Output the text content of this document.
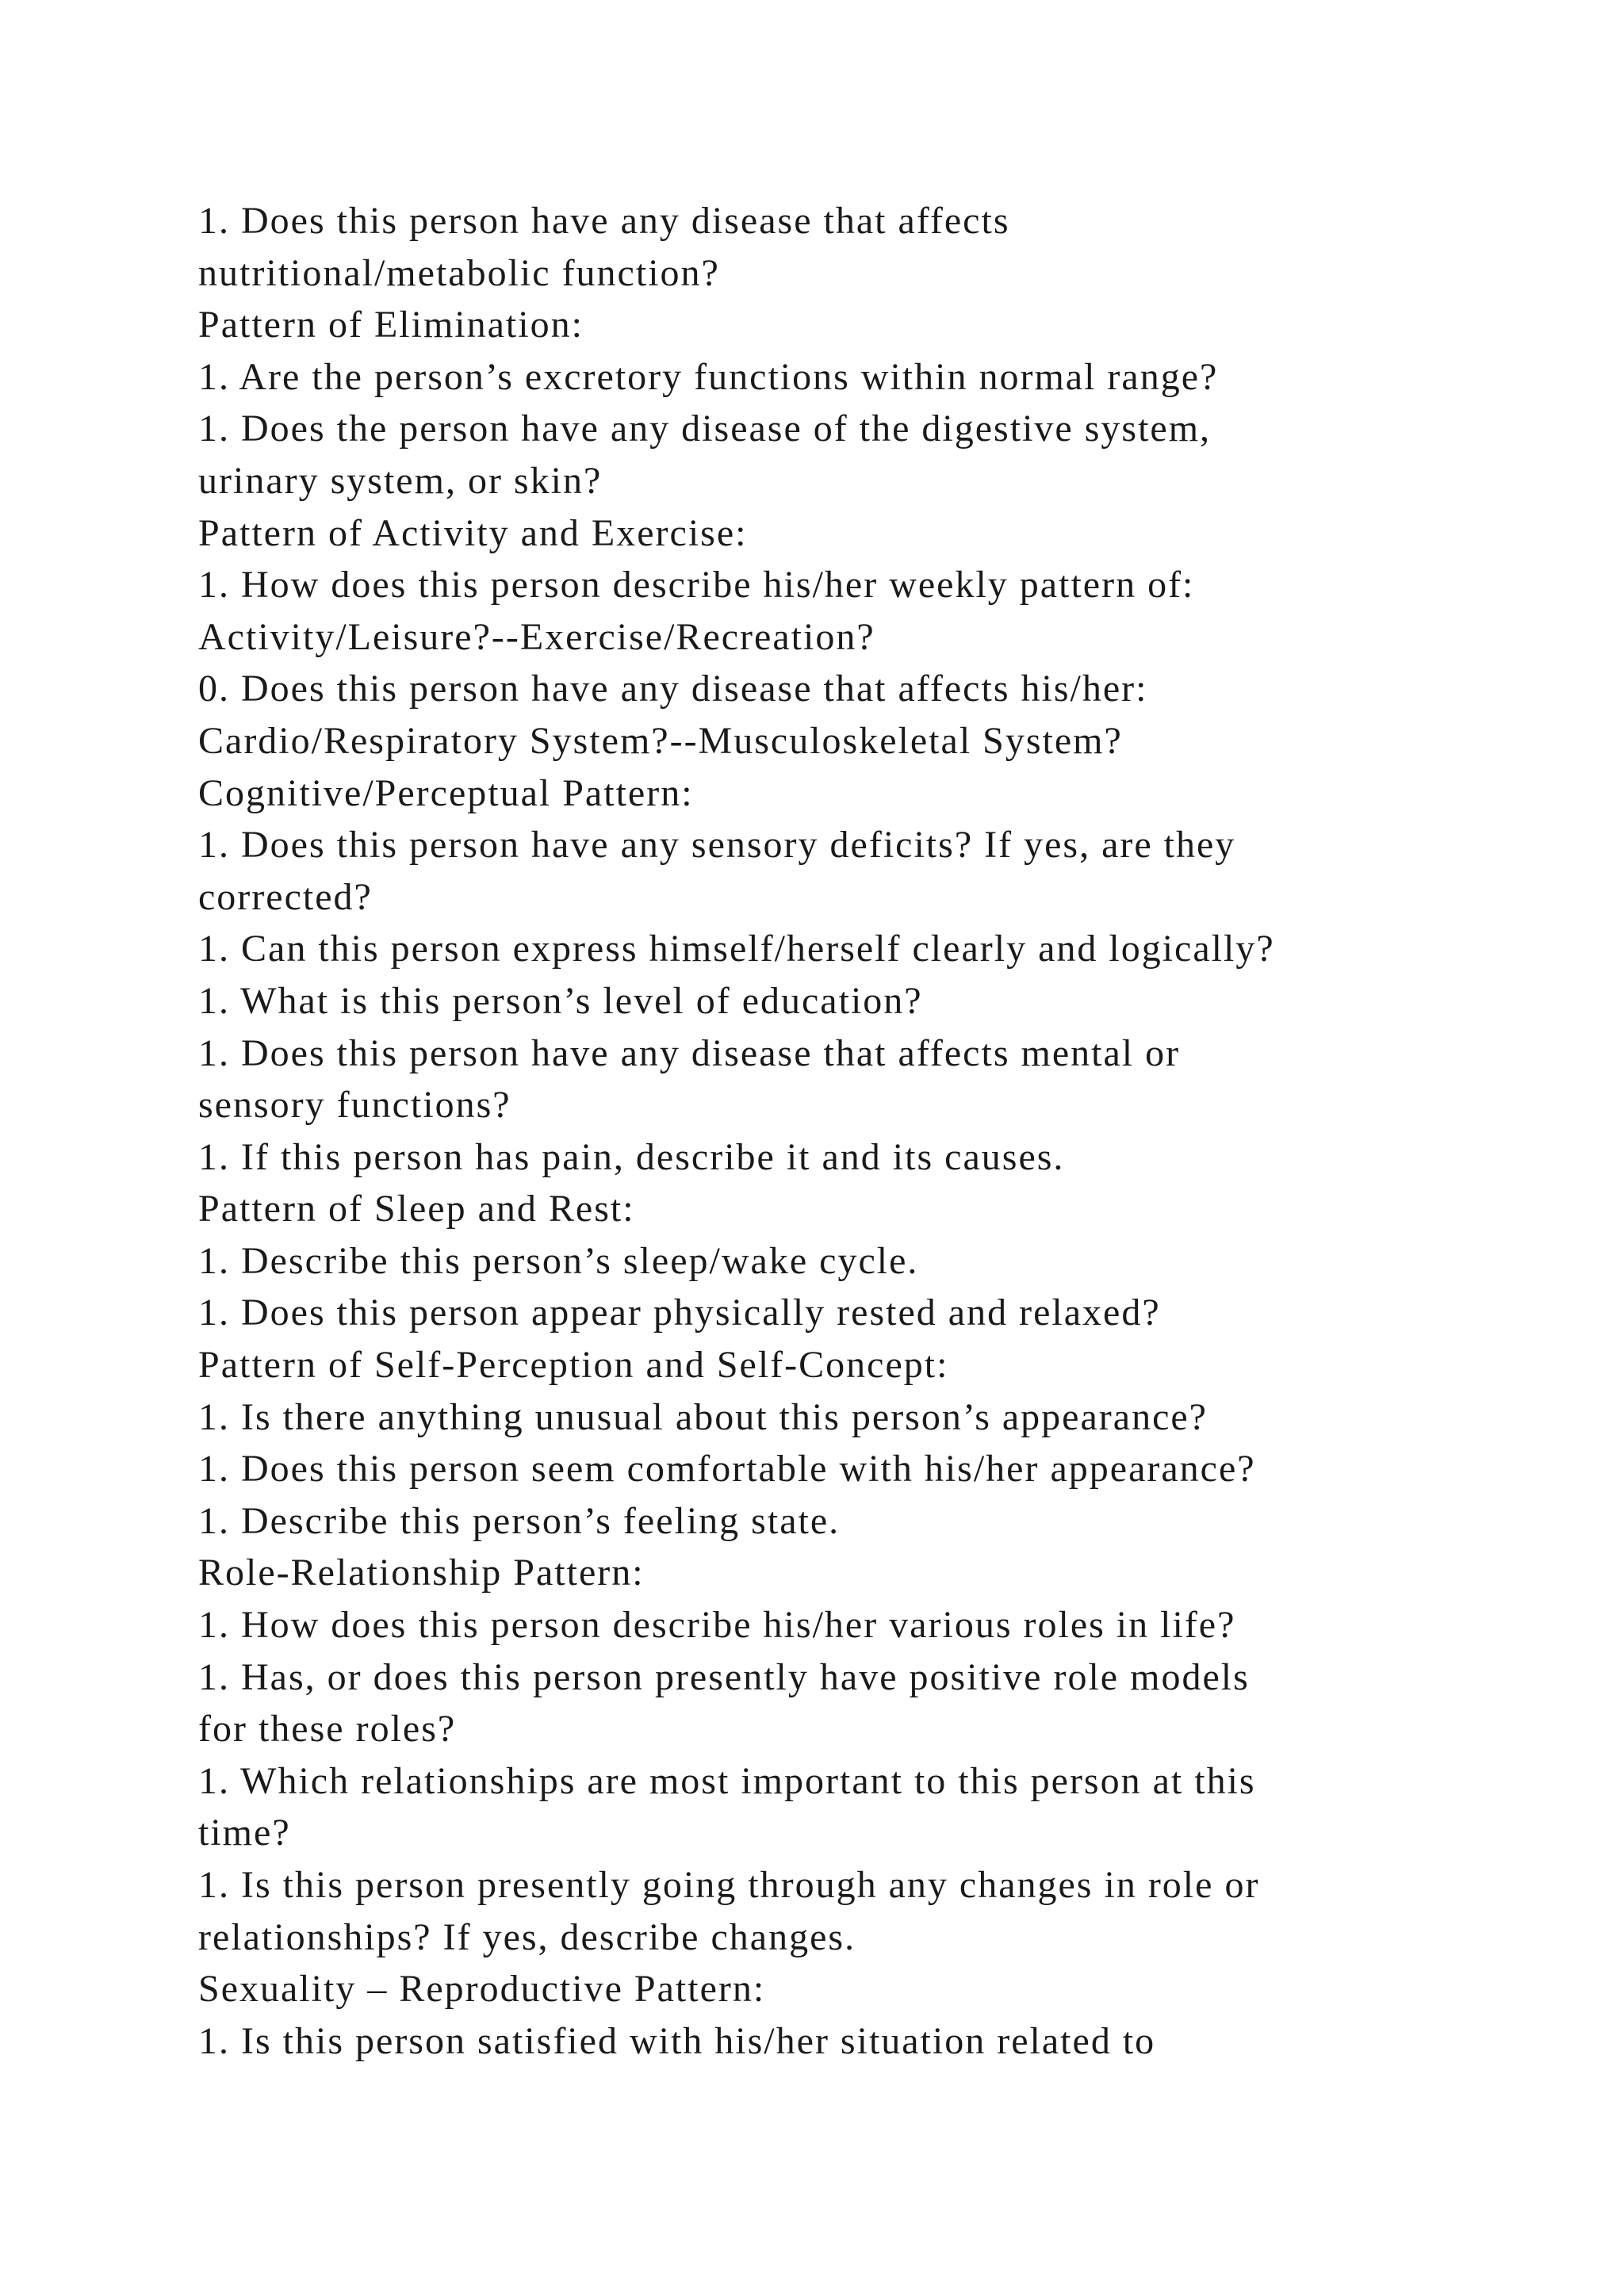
1. Does this person have any disease that affects
nutritional/metabolic function?
Pattern of Elimination:
1. Are the person’s excretory functions within normal range?
1. Does the person have any disease of the digestive system,
urinary system, or skin?
Pattern of Activity and Exercise:
1. How does this person describe his/her weekly pattern of:
Activity/Leisure?--Exercise/Recreation?
0. Does this person have any disease that affects his/her:
Cardio/Respiratory System?--Musculoskeletal System?
Cognitive/Perceptual Pattern:
1. Does this person have any sensory deficits? If yes, are they
corrected?
1. Can this person express himself/herself clearly and logically?
1. What is this person’s level of education?
1. Does this person have any disease that affects mental or
sensory functions?
1. If this person has pain, describe it and its causes.
Pattern of Sleep and Rest:
1. Describe this person’s sleep/wake cycle.
1. Does this person appear physically rested and relaxed?
Pattern of Self-Perception and Self-Concept:
1. Is there anything unusual about this person’s appearance?
1. Does this person seem comfortable with his/her appearance?
1. Describe this person’s feeling state.
Role-Relationship Pattern:
1. How does this person describe his/her various roles in life?
1. Has, or does this person presently have positive role models
for these roles?
1. Which relationships are most important to this person at this
time?
1. Is this person presently going through any changes in role or
relationships? If yes, describe changes.
Sexuality – Reproductive Pattern:
1. Is this person satisfied with his/her situation related to
